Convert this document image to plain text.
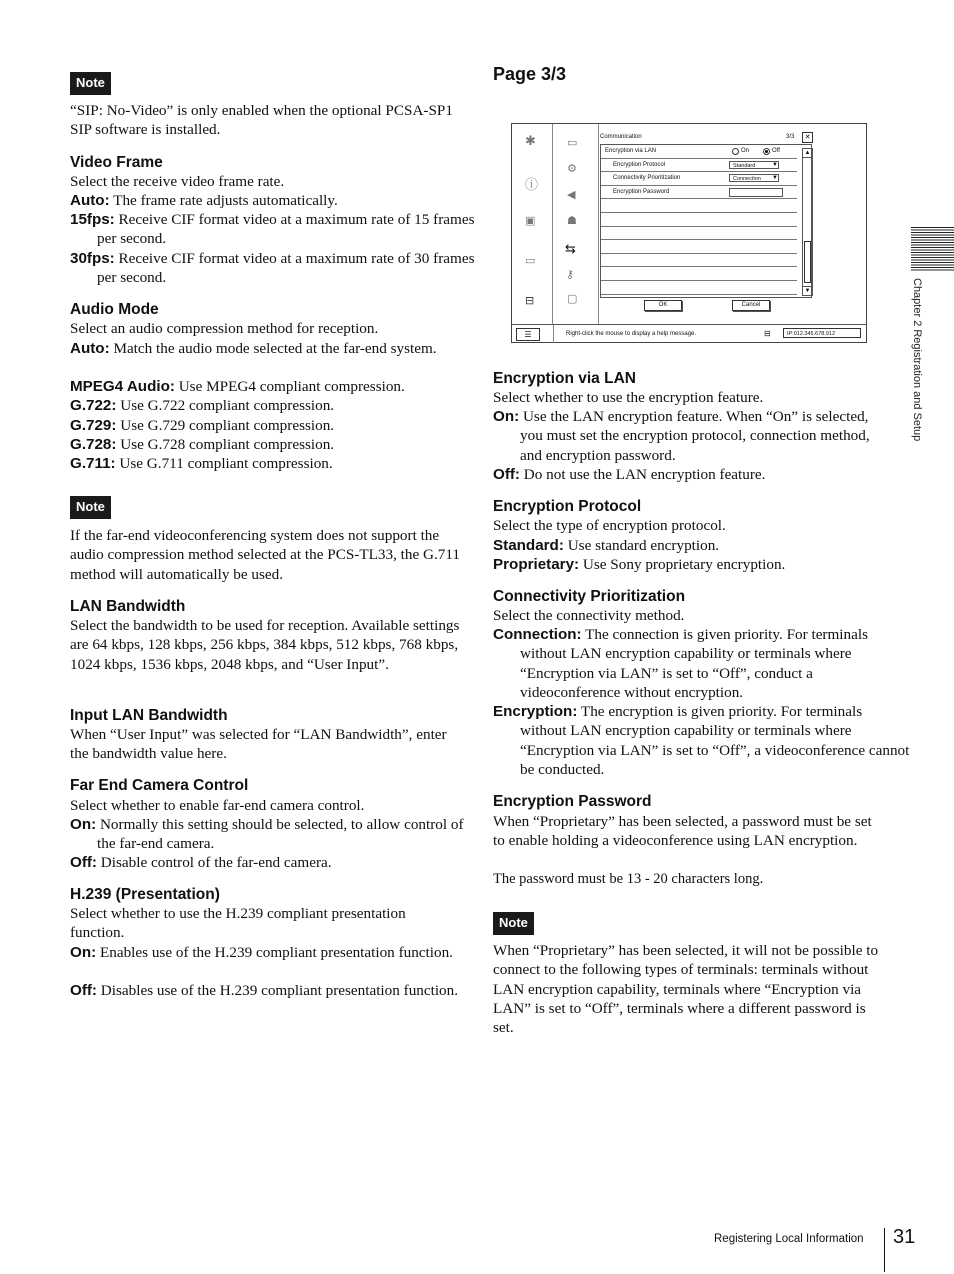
Note

“SIP: No-Video” is only enabled when the optional PCSA-SP1 SIP software is installed.

Video Frame

Select the receive video frame rate.

Auto: The frame rate adjusts automatically.

15fps: Receive CIF format video at a maximum rate of 15 frames per second.

30fps: Receive CIF format video at a maximum rate of 30 frames per second.

Audio Mode

Select an audio compression method for reception.

Auto: Match the audio mode selected at the far-end system.

MPEG4 Audio: Use MPEG4 compliant compression.

G.722: Use G.722 compliant compression.

G.729: Use G.729 compliant compression.

G.728: Use G.728 compliant compression.

G.711: Use G.711 compliant compression.

Note

If the far-end videoconferencing system does not support the audio compression method selected at the PCS-TL33, the G.711 method will automatically be used.

LAN Bandwidth

Select the bandwidth to be used for reception. Available settings are 64 kbps, 128 kbps, 256 kbps, 384 kbps, 512 kbps, 768 kbps, 1024 kbps, 1536 kbps, 2048 kbps, and “User Input”.

Input LAN Bandwidth

When “User Input” was selected for “LAN Bandwidth”, enter the bandwidth value here.

Far End Camera Control

Select whether to enable far-end camera control.

On: Normally this setting should be selected, to allow control of the far-end camera.

Off: Disable control of the far-end camera.

H.239 (Presentation)

Select whether to use the H.239 compliant presentation function.

On: Enables use of the H.239 compliant presentation function.

Off: Disables use of the H.239 compliant presentation function.

Page 3/3
✱
ⓘ
▣
▭
⊟
▭
⚙
◀
☗
⇆
⚷
▢
Communication	3/3	✕
Encryption via LAN	On	Off
Encryption Protocol	Standard	▼
Connectivity Prioritization	Connection	▼
Encryption Password
▲
▼
OK	Cancel
☰	Right-click the mouse to display a help message.	⊟	IP:012.345.678.912

Encryption via LAN

Select whether to use the encryption feature.

On: Use the LAN encryption feature. When “On” is selected, you must set the encryption protocol, connection method, and encryption password.

Off: Do not use the LAN encryption feature.

Encryption Protocol

Select the type of encryption protocol.

Standard: Use standard encryption.

Proprietary: Use Sony proprietary encryption.

Connectivity Prioritization

Select the connectivity method.

Connection: The connection is given priority. For terminals without LAN encryption capability or terminals where “Encryption via LAN” is set to “Off”, conduct a videoconference without encryption.

Encryption: The encryption is given priority. For terminals without LAN encryption capability or terminals where “Encryption via LAN” is set to “Off”, a videoconference cannot be conducted.

Encryption Password

When “Proprietary” has been selected, a password must be set to enable holding a videoconference using LAN encryption.

The password must be 13 - 20 characters long.

Note

When “Proprietary” has been selected, it will not be possible to connect to the following types of terminals: terminals without LAN encryption capability, terminals where “Encryption via LAN” is set to “Off”, terminals where a different password is set.

Chapter 2 Registration and Setup
Registering Local Information 31
